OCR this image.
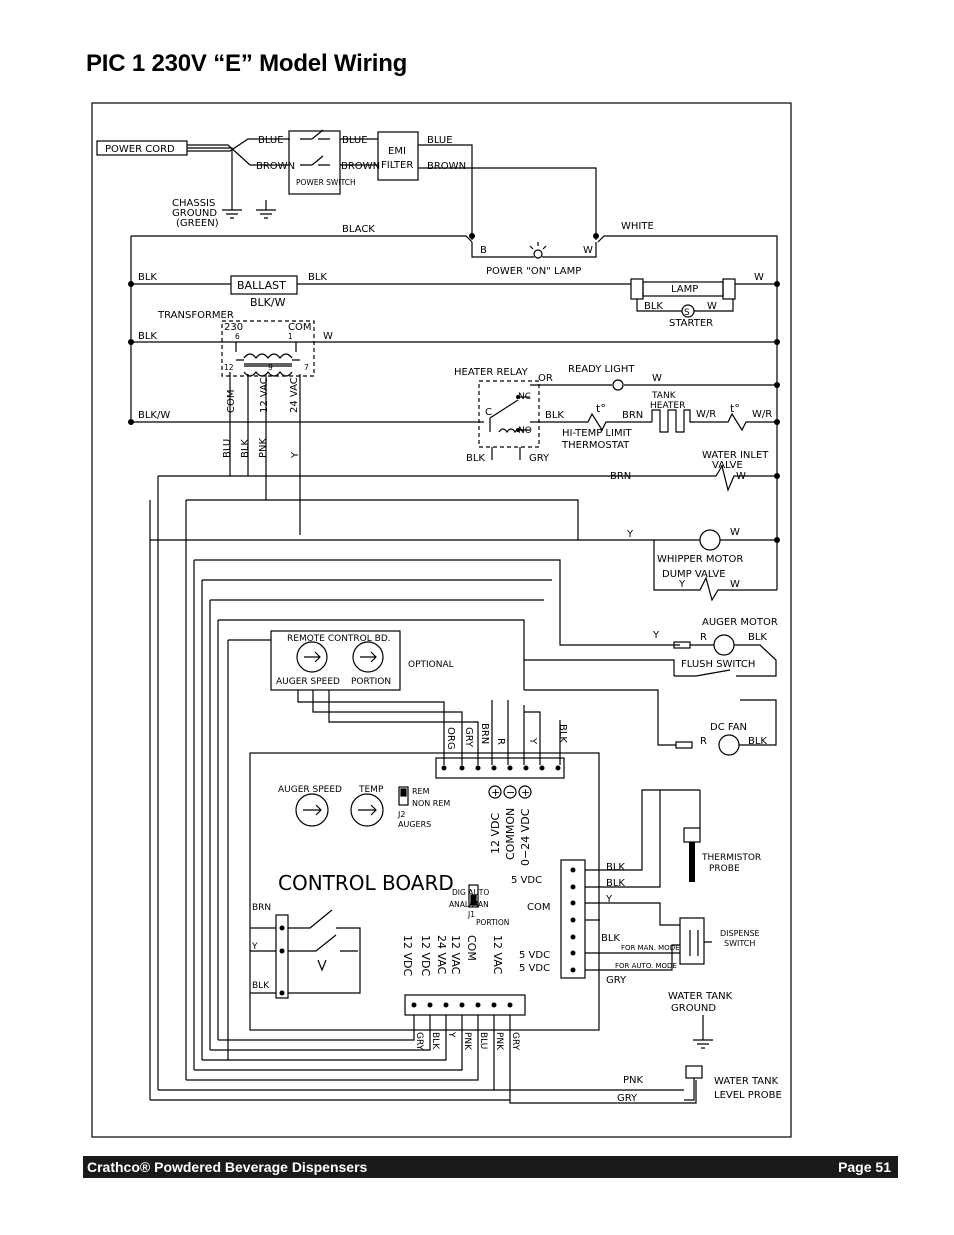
PIC 1 230V “E” Model Wiring
POWER CORD
BLUE
BROWN
BLUE
BROWN
BLUE
BROWN
EMI
FILTER
POWER SWITCH
CHASSIS
GROUND
(GREEN)
BLACK	WHITE
B	W
POWER "ON" LAMP
BLK
BALLAST
BLK	W
LAMP
BLK
S
W
STARTER
BLK/W
TRANSFORMER
230	COM
6	1
12	9	7
BLK	W
HEATER RELAY
OR
READY LIGHT
W
TANK
HEATER
W/R	W/R
t°
t°
BLK	BRN
C
NC
NO	HI-TEMP LIMIT
THERMOSTAT
BLK	GRY
BLK/W
WATER INLET
VALVE
W
BRN
Y	W
WHIPPER MOTOR
DUMP VALVE
Y	W
AUGER MOTOR
Y	R	BLK
FLUSH SWITCH
DC FAN
R	BLK
REMOTE CONTROL BD.
AUGER SPEED PORTION
OPTIONAL
AUGER SPEED TEMP	REM
NON REM
J2
AUGERS
+ − +
CONTROL BOARD
DIG AUTO
ANAL/MAN
J1
PORTION
5 VDC
COM
5 VDC
5 VDC
BLK
BLK
Y
BLK
FOR MAN. MODE
FOR AUTO. MODE
GRY
THERMISTOR
PROBE
DISPENSE
SWITCH
WATER TANK
GROUND
WATER TANK
LEVEL PROBE
PNK
GRY
BRN
Y
BLK
COM 12 VAC 24 VAC
BLU BLK PNK Y
ORG GRY BRN R Y BLK
12 VDC COMMON 0−24 VDC
12 VDC 12 VDC 24 VAC 12 VAC COM 12 VAC
GRY BLK Y PNK BLU PNK GRY
Crathco® Powdered Beverage Dispensers	Page 51
